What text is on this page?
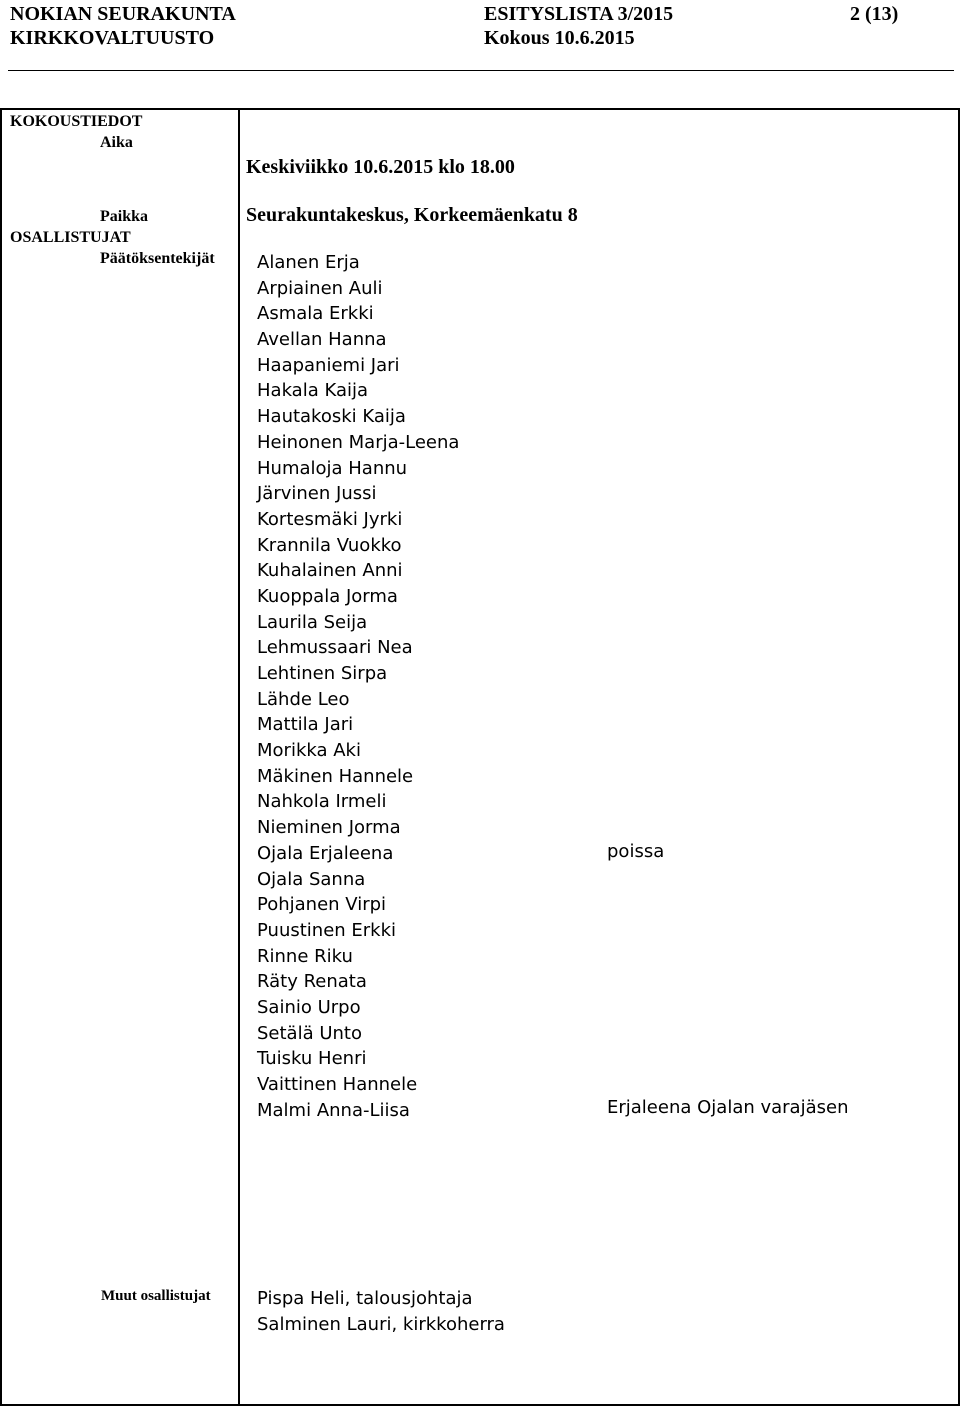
NOKIAN SEURAKUNTA
KIRKKOVALTUUSTO
ESITYSLISTA 3/2015
Kokous 10.6.2015
2 (13)
KOKOUSTIEDOT
Aika
Keskiviikko 10.6.2015 klo 18.00
Paikka	Seurakuntakeskus, Korkeemäenkatu 8
OSALLISTUJAT
Päätöksentekijät Alanen Erja
Arpiainen Auli
Asmala Erkki
Avellan Hanna
Haapaniemi Jari
Hakala Kaija
Hautakoski Kaija
Heinonen Marja-Leena
Humaloja Hannu
Järvinen Jussi
Kortesmäki Jyrki
Krannila Vuokko
Kuhalainen Anni
Kuoppala Jorma
Laurila Seija
Lehmussaari Nea
Lehtinen Sirpa
Lähde Leo
Mattila Jari
Morikka Aki
Mäkinen Hannele
Nahkola Irmeli
Nieminen Jorma
Ojala Erjaleena
Ojala Sanna
Pohjanen Virpi
Puustinen Erkki
Rinne Riku
Räty Renata
Sainio Urpo
Setälä Unto
Tuisku Henri
Vaittinen Hannele
Malmi Anna-Liisa
poissa
Erjaleena Ojalan varajäsen
Muut osallistujat	Pispa Heli, talousjohtaja
Salminen Lauri, kirkkoherra
